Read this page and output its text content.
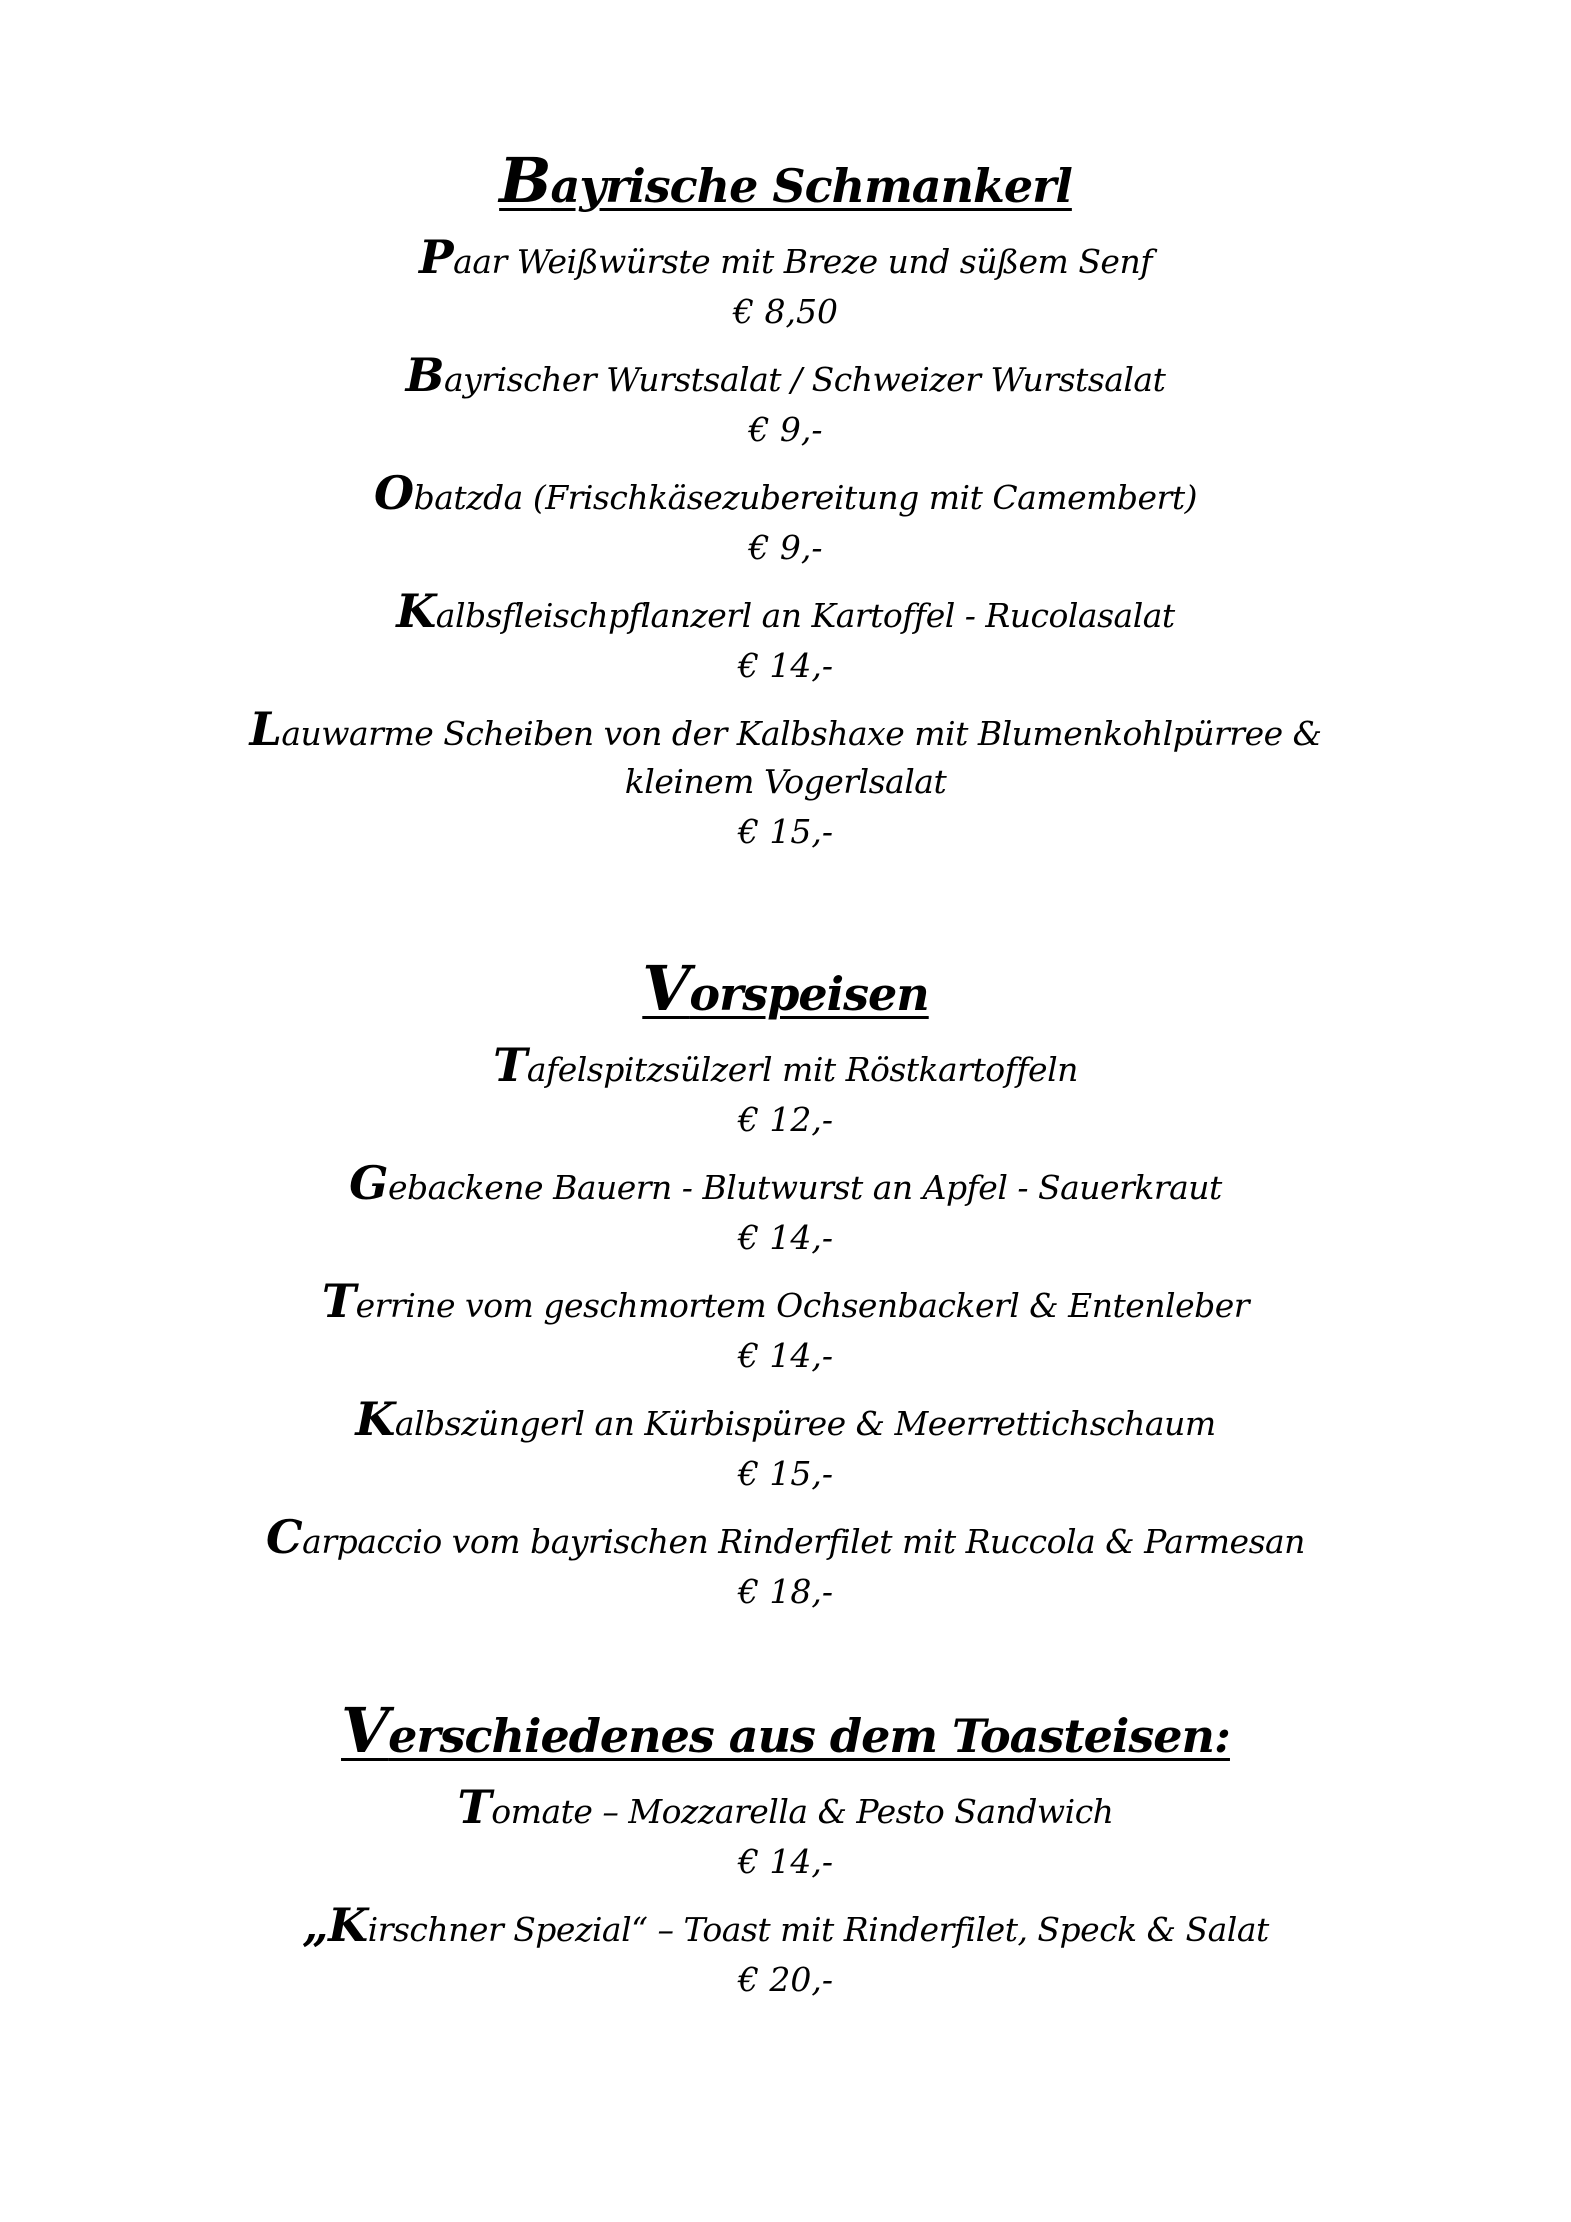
Bayrische Schmankerl
Paar Weißwürste mit Breze und süßem Senf
€ 8,50
Bayrischer Wurstsalat / Schweizer Wurstsalat
€ 9,-
Obatzda (Frischkäsezubereitung mit Camembert)
€ 9,-
Kalbsfleischpflanzerl an Kartoffel - Rucolasalat
€ 14,-
Lauwarme Scheiben von der Kalbshaxe mit Blumenkohlpürree & kleinem Vogerlsalat
€ 15,-
Vorspeisen
Tafelspitzsülzerl mit Röstkartoffeln
€ 12,-
Gebackene Bauern - Blutwurst an Apfel - Sauerkraut
€ 14,-
Terrine vom geschmortem Ochsenbackerl & Entenleber
€ 14,-
Kalbszüngerl an Kürbispüree & Meerrettichschaum
€ 15,-
Carpaccio vom bayrischen Rinderfilet mit Ruccola & Parmesan
€ 18,-
Verschiedenes aus dem Toasteisen:
Tomate – Mozzarella & Pesto Sandwich
€ 14,-
„Kirschner Spezial“ – Toast mit Rinderfilet, Speck & Salat
€ 20,-
